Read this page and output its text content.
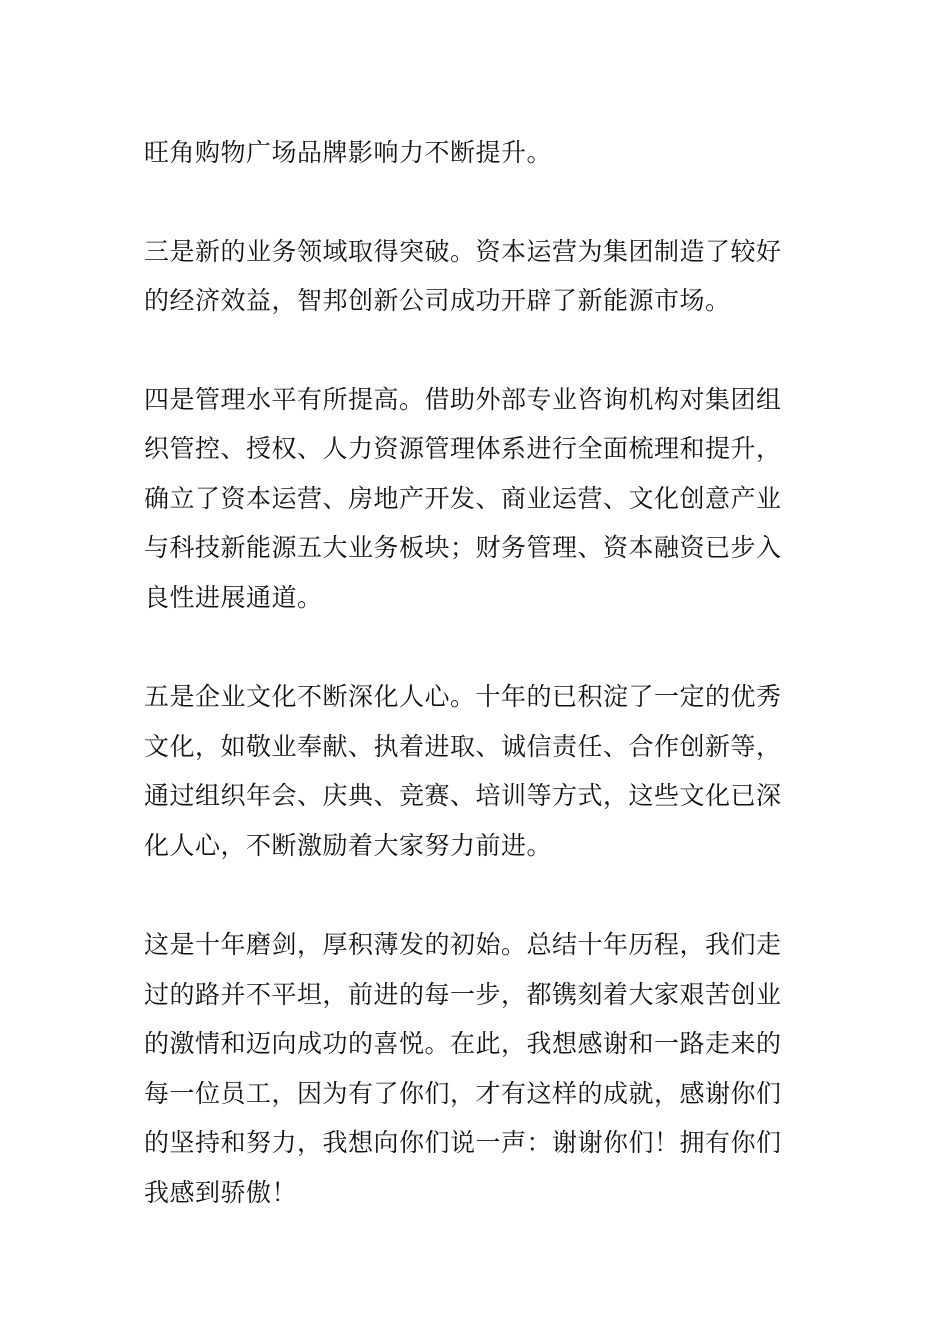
旺角购物广场品牌影响力不断提升。

三是新的业务领域取得突破。资本运营为集团制造了较好
的经济效益，智邦创新公司成功开辟了新能源市场。

四是管理水平有所提高。借助外部专业咨询机构对集团组
织管控、授权、人力资源管理体系进行全面梳理和提升，
确立了资本运营、房地产开发、商业运营、文化创意产业
与科技新能源五大业务板块；财务管理、资本融资已步入
良性进展通道。

五是企业文化不断深化人心。十年的已积淀了一定的优秀
文化，如敬业奉献、执着进取、诚信责任、合作创新等，
通过组织年会、庆典、竞赛、培训等方式，这些文化已深
化人心，不断激励着大家努力前进。

这是十年磨剑，厚积薄发的初始。总结十年历程，我们走
过的路并不平坦，前进的每一步，都镌刻着大家艰苦创业
的激情和迈向成功的喜悦。在此，我想感谢和一路走来的
每一位员工，因为有了你们，才有这样的成就，感谢你们
的坚持和努力，我想向你们说一声：谢谢你们！拥有你们
我感到骄傲！
